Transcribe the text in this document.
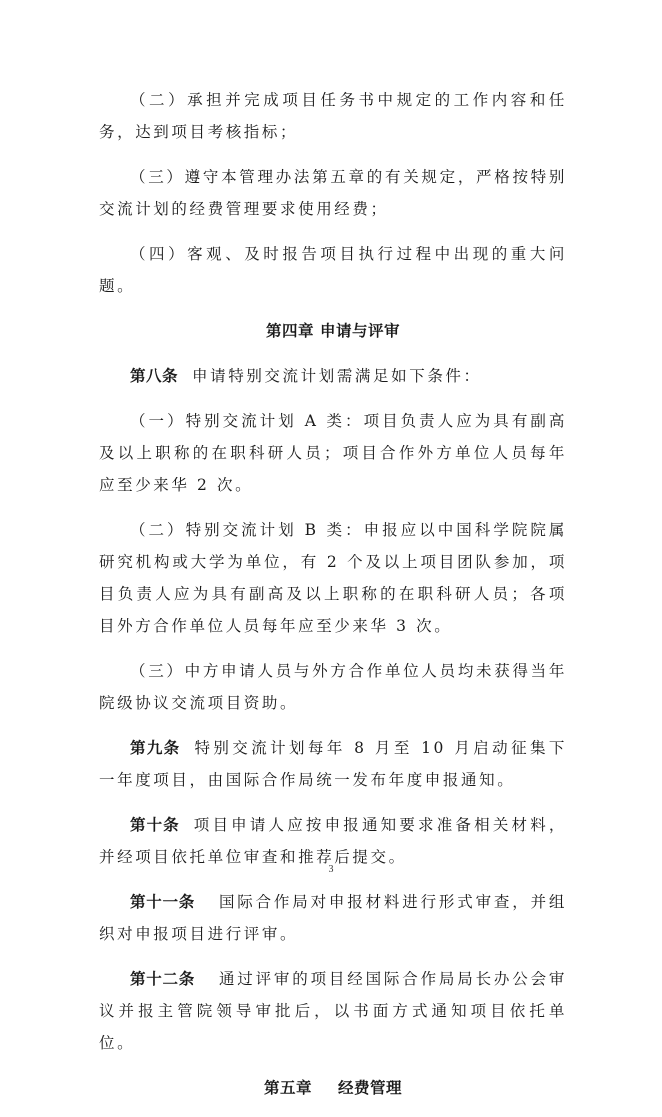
（二）承担并完成项目任务书中规定的工作内容和任务，达到项目考核指标；

（三）遵守本管理办法第五章的有关规定，严格按特别交流计划的经费管理要求使用经费；

（四）客观、及时报告项目执行过程中出现的重大问题。

第四章 申请与评审

第八条 申请特别交流计划需满足如下条件：

（一）特别交流计划 A 类：项目负责人应为具有副高及以上职称的在职科研人员；项目合作外方单位人员每年应至少来华 2 次。

（二）特别交流计划 B 类：申报应以中国科学院院属研究机构或大学为单位，有 2 个及以上项目团队参加，项目负责人应为具有副高及以上职称的在职科研人员；各项目外方合作单位人员每年应至少来华 3 次。

（三）中方申请人员与外方合作单位人员均未获得当年院级协议交流项目资助。

第九条 特别交流计划每年 8 月至 10 月启动征集下一年度项目，由国际合作局统一发布年度申报通知。

第十条 项目申请人应按申报通知要求准备相关材料，并经项目依托单位审查和推荐后提交。

第十一条 国际合作局对申报材料进行形式审查，并组织对申报项目进行评审。

第十二条 通过评审的项目经国际合作局局长办公会审议并报主管院领导审批后，以书面方式通知项目依托单位。

第五章 经费管理
3
